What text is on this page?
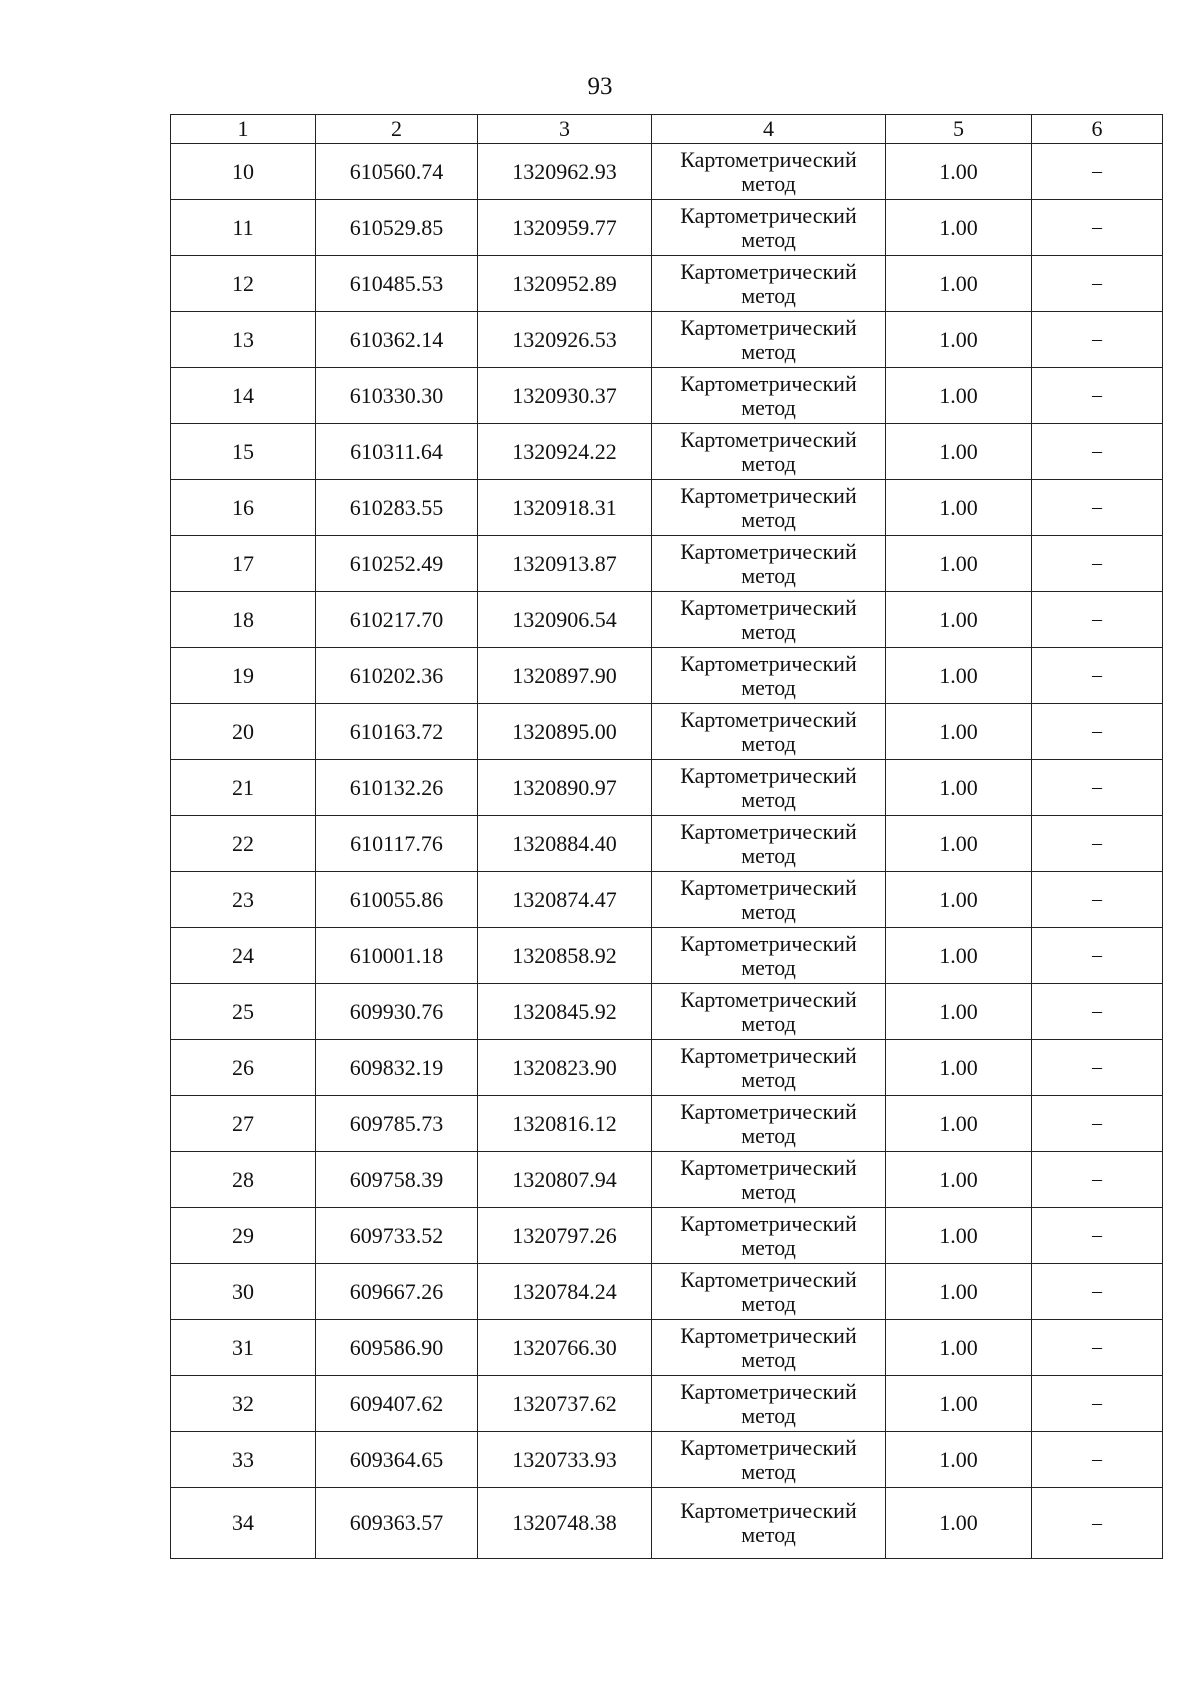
93
1	2	3	4	5	6
10	610560.74	1320962.93	Картометрический
метод	1.00	–
11	610529.85	1320959.77	Картометрический
метод	1.00	–
12	610485.53	1320952.89	Картометрический
метод	1.00	–
13	610362.14	1320926.53	Картометрический
метод	1.00	–
14	610330.30	1320930.37	Картометрический
метод	1.00	–
15	610311.64	1320924.22	Картометрический
метод	1.00	–
16	610283.55	1320918.31	Картометрический
метод	1.00	–
17	610252.49	1320913.87	Картометрический
метод	1.00	–
18	610217.70	1320906.54	Картометрический
метод	1.00	–
19	610202.36	1320897.90	Картометрический
метод	1.00	–
20	610163.72	1320895.00	Картометрический
метод	1.00	–
21	610132.26	1320890.97	Картометрический
метод	1.00	–
22	610117.76	1320884.40	Картометрический
метод	1.00	–
23	610055.86	1320874.47	Картометрический
метод	1.00	–
24	610001.18	1320858.92	Картометрический
метод	1.00	–
25	609930.76	1320845.92	Картометрический
метод	1.00	–
26	609832.19	1320823.90	Картометрический
метод	1.00	–
27	609785.73	1320816.12	Картометрический
метод	1.00	–
28	609758.39	1320807.94	Картометрический
метод	1.00	–
29	609733.52	1320797.26	Картометрический
метод	1.00	–
30	609667.26	1320784.24	Картометрический
метод	1.00	–
31	609586.90	1320766.30	Картометрический
метод	1.00	–
32	609407.62	1320737.62	Картометрический
метод	1.00	–
33	609364.65	1320733.93	Картометрический
метод	1.00	–
34	609363.57	1320748.38	Картометрический
метод	1.00	–
